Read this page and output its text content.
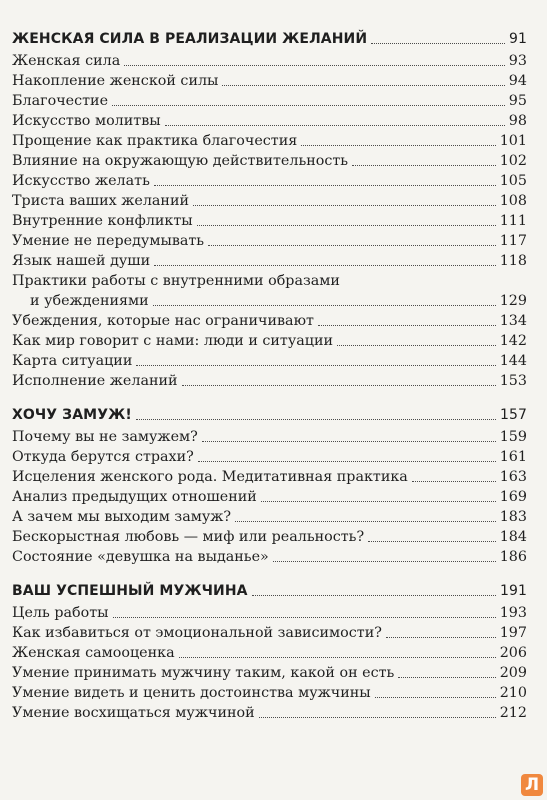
ЖЕНСКАЯ СИЛА В РЕАЛИЗАЦИИ ЖЕЛАНИЙ	91
Женская сила	93
Накопление женской силы	94
Благочестие	95
Искусство молитвы	98
Прощение как практика благочестия	101
Влияние на окружающую действительность	102
Искусство желать	105
Триста ваших желаний	108
Внутренние конфликты	111
Умение не передумывать	117
Язык нашей души	118
Практики работы с внутренними образами
и убеждениями	129
Убеждения, которые нас ограничивают	134
Как мир говорит с нами: люди и ситуации	142
Карта ситуации	144
Исполнение желаний	153
ХОЧУ ЗАМУЖ!	157
Почему вы не замужем?	159
Откуда берутся страхи?	161
Исцеления женского рода. Медитативная практика	163
Анализ предыдущих отношений	169
А зачем мы выходим замуж?	183
Бескорыстная любовь — миф или реальность?	184
Состояние «девушка на выданье»	186
ВАШ УСПЕШНЫЙ МУЖЧИНА	191
Цель работы	193
Как избавиться от эмоциональной зависимости?	197
Женская самооценка	206
Умение принимать мужчину таким, какой он есть	209
Умение видеть и ценить достоинства мужчины	210
Умение восхищаться мужчиной	212
Л
